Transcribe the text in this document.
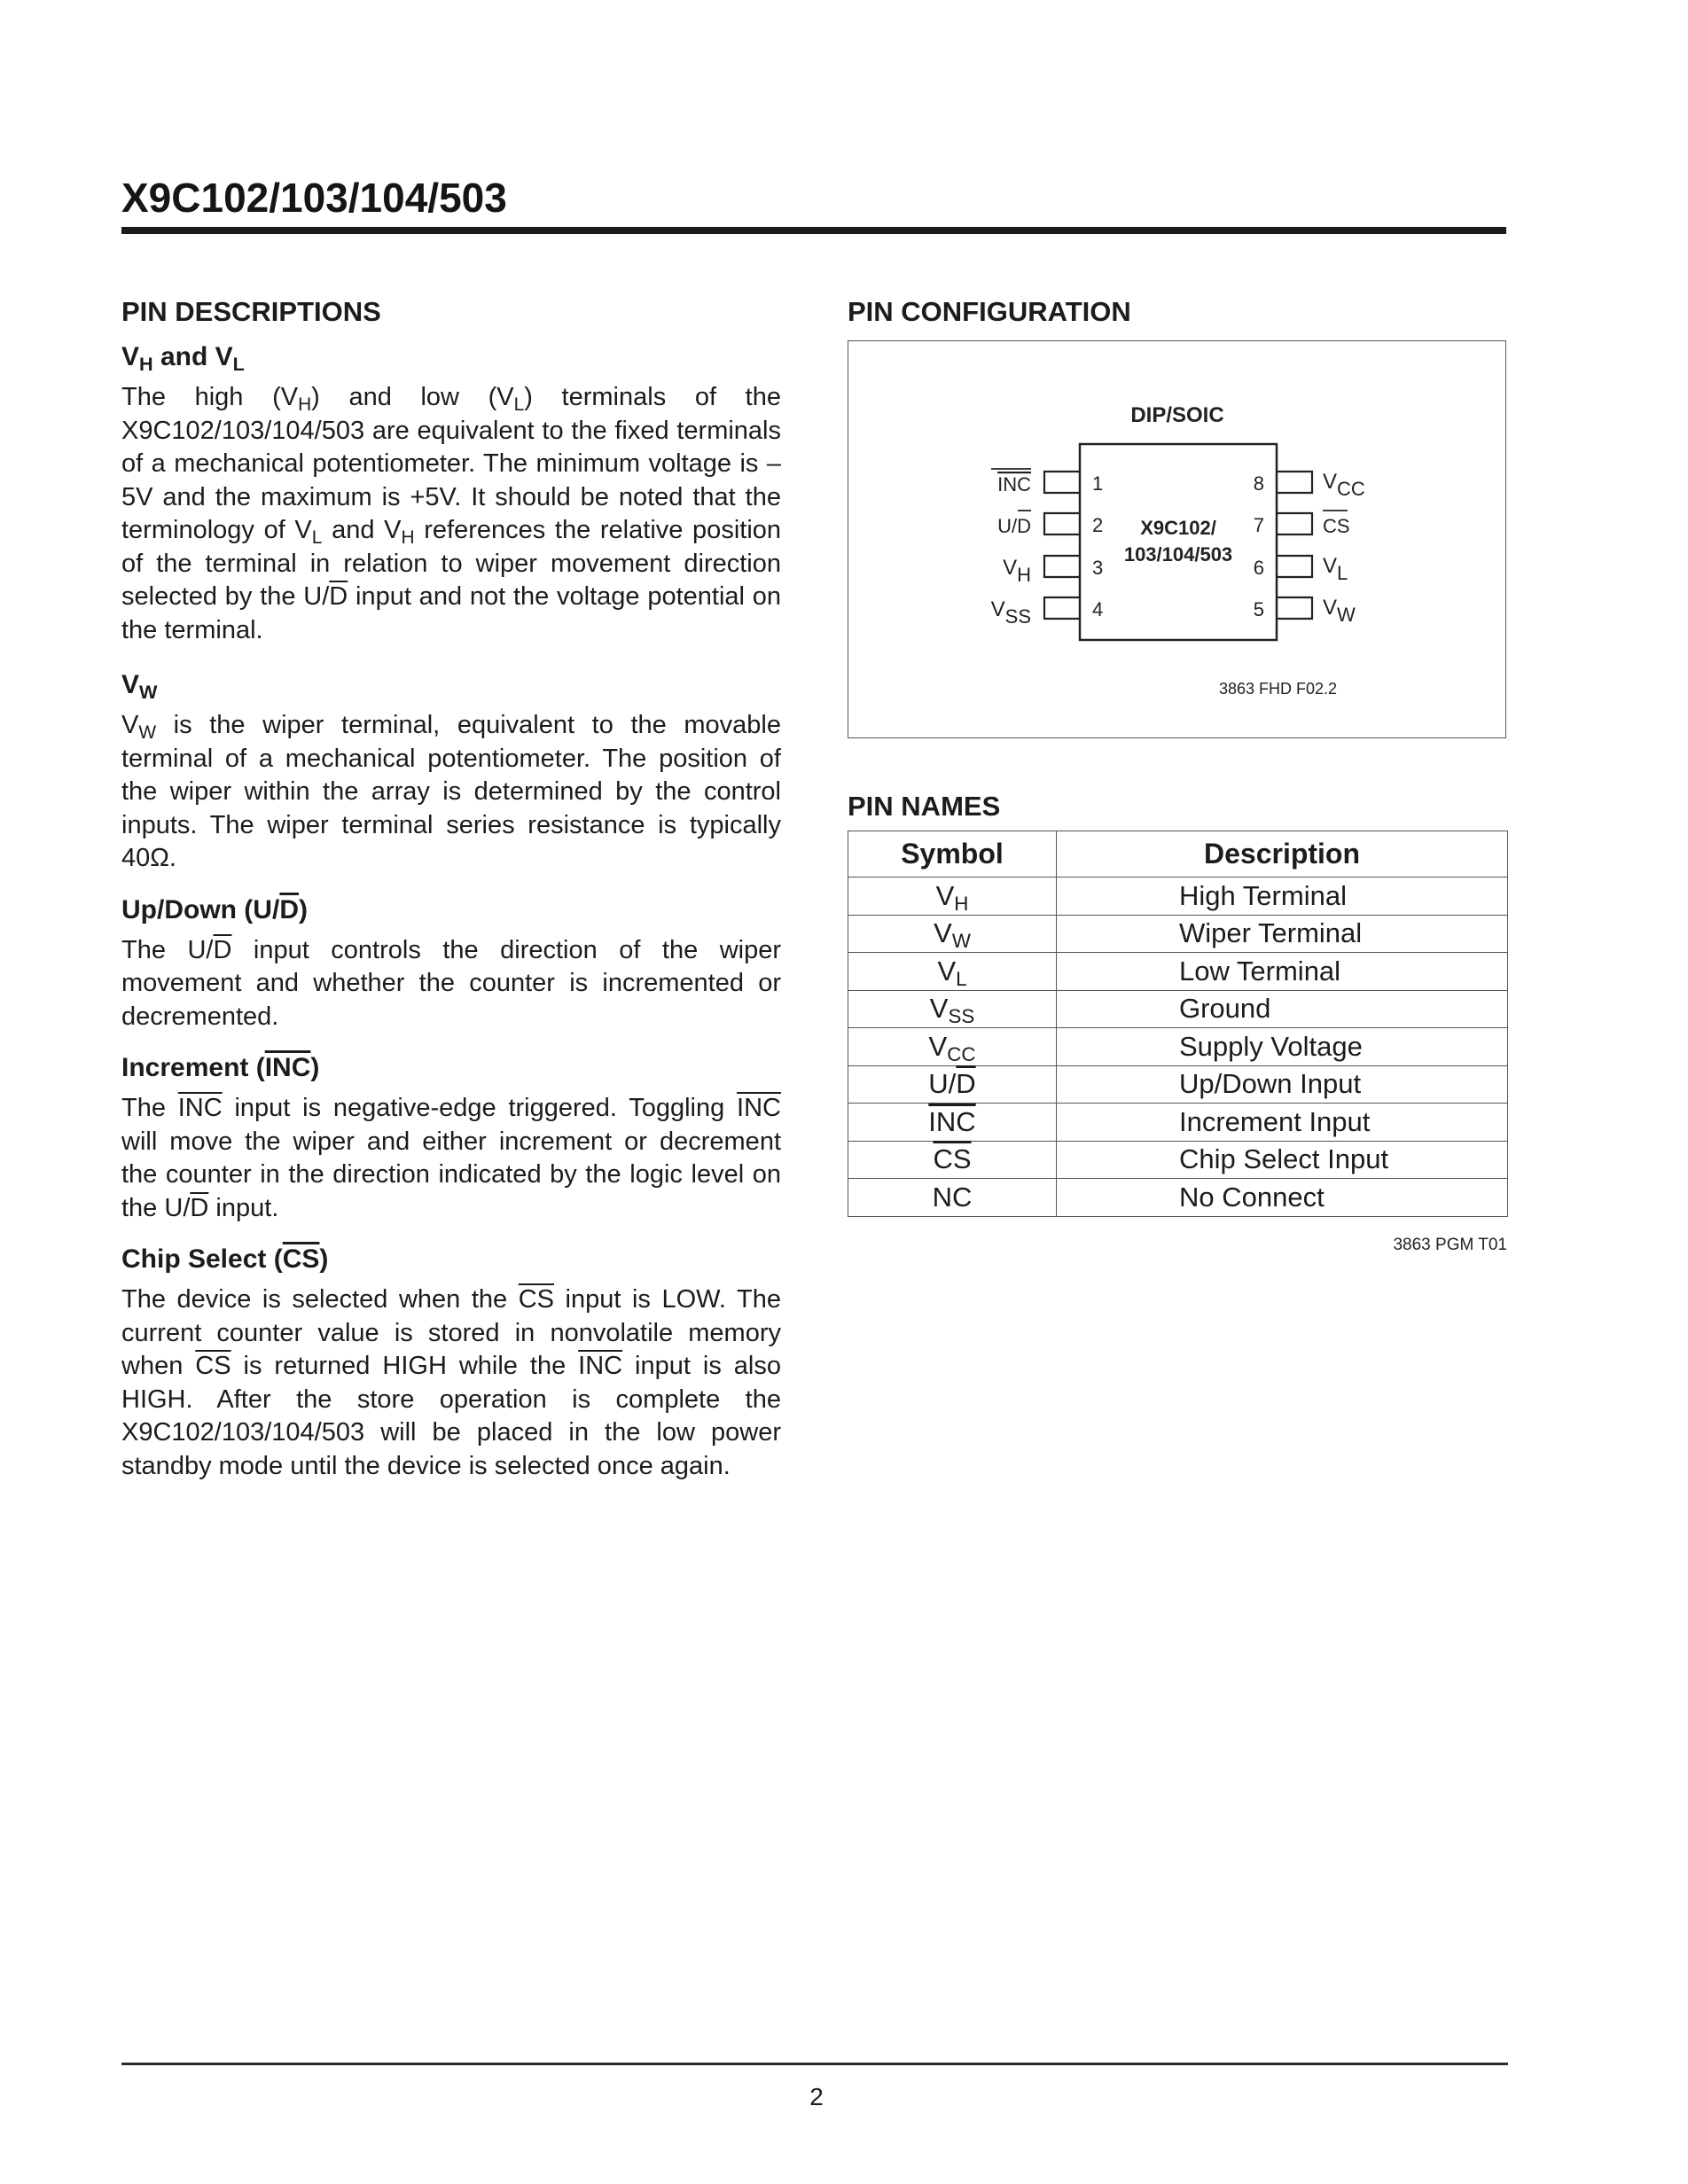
X9C102/103/104/503
PIN DESCRIPTIONS
$V_H$ and $V_L$

The high $(V_H)$ and low $(V_L)$ terminals of the X9C102/103/104/503 are equivalent to the fixed terminals of a mechanical potentiometer. The minimum voltage is –5V and the maximum is +5V. It should be noted that the terminology of $V_L$ and $V_H$ references the relative position of the terminal in relation to wiper movement direction selected by the $U/\overline{D}$ input and not the voltage potential on the terminal.

$V_W$

$V_W$ is the wiper terminal, equivalent to the movable terminal of a mechanical potentiometer. The position of the wiper within the array is determined by the control inputs. The wiper terminal series resistance is typically 40Ω.

Up/Down (U/D)

The $U/\overline{D}$ input controls the direction of the wiper movement and whether the counter is incremented or decremented.

Increment (INC)

The $\overline{INC}$ input is negative-edge triggered. Toggling $\overline{INC}$ will move the wiper and either increment or decrement the counter in the direction indicated by the logic level on the $U/\overline{D}$ input.

Chip Select (CS)

The device is selected when the $\overline{CS}$ input is LOW. The current counter value is stored in nonvolatile memory when $\overline{CS}$ is returned HIGH while the $\overline{INC}$ input is also HIGH. After the store operation is complete the X9C102/103/104/503 will be placed in the low power standby mode until the device is selected once again.

PIN CONFIGURATION
DIP/SOIC
X9C102/
103/104/503
1
2
3
4
8
7
6
5
INC
U/D
VH
VSS
VCC
CS
VL
VW
3863 FHD F02.2
PIN NAMES
Symbol	Description
$V_H$	High Terminal
$V_W$	Wiper Terminal
$V_L$	Low Terminal
$V_{SS}$	Ground
$V_{CC}$	Supply Voltage
$U/\overline{D}$	Up/Down Input
$\overline{INC}$	Increment Input
$\overline{CS}$	Chip Select Input
NC	No Connect
3863 PGM T01
2
